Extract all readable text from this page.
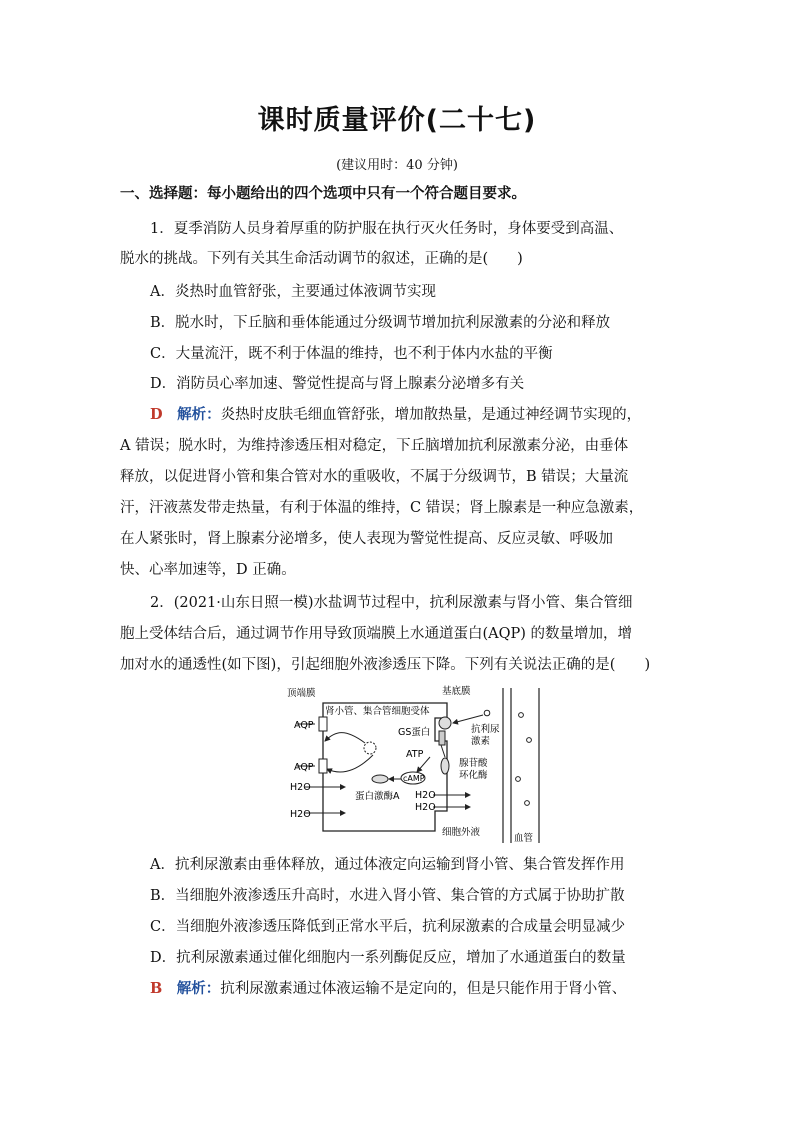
课时质量评价(二十七)
(建议用时：40 分钟)
一、选择题：每小题给出的四个选项中只有一个符合题目要求。
1．夏季消防人员身着厚重的防护服在执行灭火任务时，身体要受到高温、
脱水的挑战。下列有关其生命活动调节的叙述，正确的是(　　)
A．炎热时血管舒张，主要通过体液调节实现
B．脱水时，下丘脑和垂体能通过分级调节增加抗利尿激素的分泌和释放
C．大量流汗，既不利于体温的维持，也不利于体内水盐的平衡
D．消防员心率加速、警觉性提高与肾上腺素分泌增多有关
D　 解析：炎热时皮肤毛细血管舒张，增加散热量，是通过神经调节实现的，
A 错误；脱水时，为维持渗透压相对稳定，下丘脑增加抗利尿激素分泌，由垂体
释放，以促进肾小管和集合管对水的重吸收，不属于分级调节，B 错误；大量流
汗，汗液蒸发带走热量，有利于体温的维持，C 错误；肾上腺素是一种应急激素，
在人紧张时，肾上腺素分泌增多，使人表现为警觉性提高、反应灵敏、呼吸加
快、心率加速等，D 正确。
2．(2021·山东日照一模)水盐调节过程中，抗利尿激素与肾小管、集合管细
胞上受体结合后，通过调节作用导致顶端膜上水通道蛋白(AQP) 的数量增加，增
加对水的通透性(如下图)，引起细胞外液渗透压下降。下列有关说法正确的是(　　)
顶端膜	基底膜
肾小管、集合管细胞受体
AQP
AQP
H2O
H2O
H2O
H2O
GS蛋白
ATP
cAMP
蛋白激酶A
抗利尿
激素
腺苷酸
环化酶
细胞外液
血管
A．抗利尿激素由垂体释放，通过体液定向运输到肾小管、集合管发挥作用
B．当细胞外液渗透压升高时，水进入肾小管、集合管的方式属于协助扩散
C．当细胞外液渗透压降低到正常水平后，抗利尿激素的合成量会明显减少
D．抗利尿激素通过催化细胞内一系列酶促反应，增加了水通道蛋白的数量
B　 解析：抗利尿激素通过体液运输不是定向的，但是只能作用于肾小管、
